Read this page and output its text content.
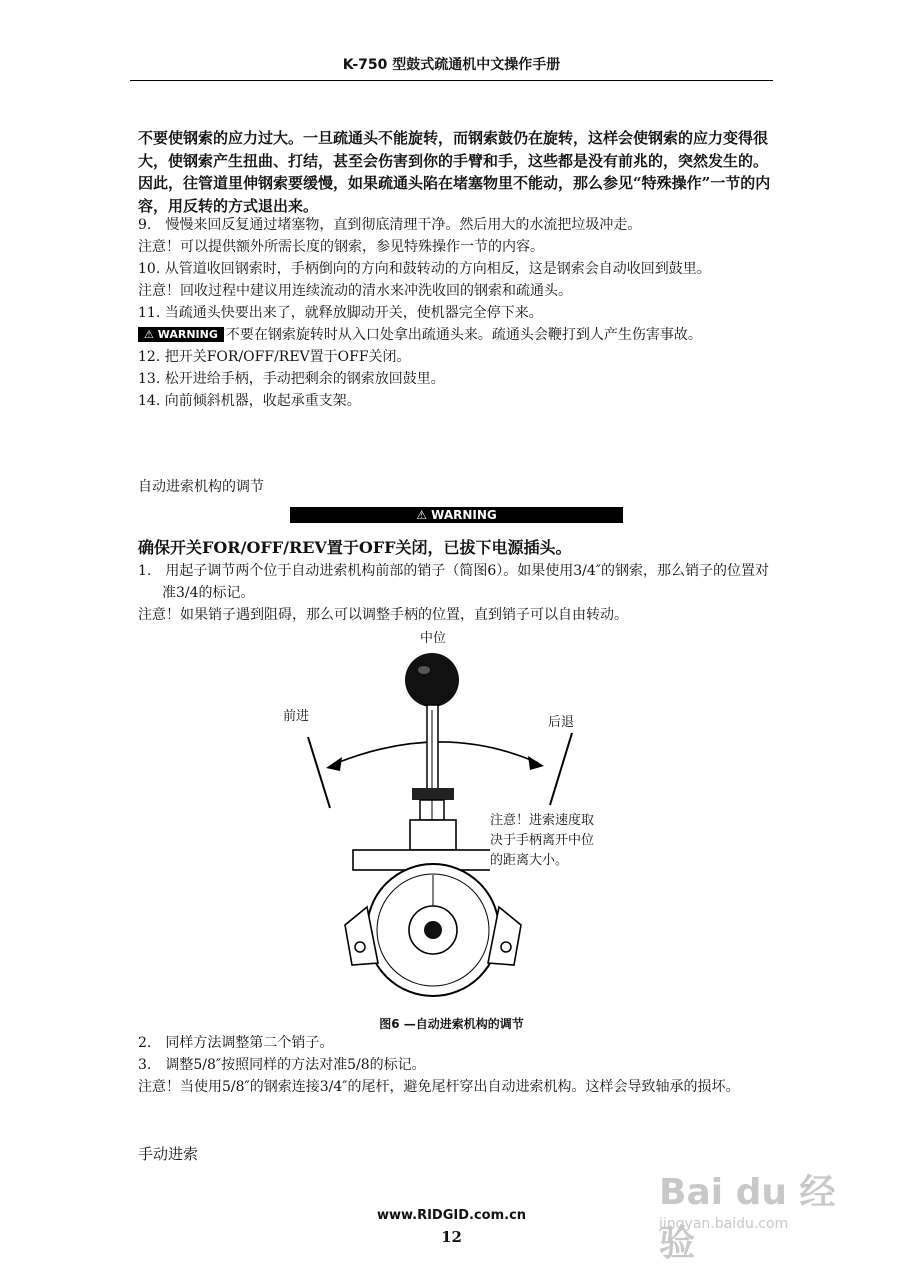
K-750 型鼓式疏通机中文操作手册
不要使钢索的应力过大。一旦疏通头不能旋转，而钢索鼓仍在旋转，这样会使钢索的应力变得很大，使钢索产生扭曲、打结，甚至会伤害到你的手臂和手，这些都是没有前兆的，突然发生的。因此，往管道里伸钢索要缓慢，如果疏通头陷在堵塞物里不能动，那么参见“特殊操作”一节的内容，用反转的方式退出来。
9.　慢慢来回反复通过堵塞物，直到彻底清理干净。然后用大的水流把垃圾冲走。
注意！可以提供额外所需长度的钢索，参见特殊操作一节的内容。
10. 从管道收回钢索时，手柄倒向的方向和鼓转动的方向相反，这是钢索会自动收回到鼓里。
注意！回收过程中建议用连续流动的清水来冲洗收回的钢索和疏通头。
11. 当疏通头快要出来了，就释放脚动开关，使机器完全停下来。
⚠ WARNING 不要在钢索旋转时从入口处拿出疏通头来。疏通头会鞭打到人产生伤害事故。
12. 把开关FOR/OFF/REV置于OFF关闭。
13. 松开进给手柄，手动把剩余的钢索放回鼓里。
14. 向前倾斜机器，收起承重支架。
自动进索机构的调节
⚠ WARNING
确保开关FOR/OFF/REV置于OFF关闭，已拔下电源插头。
1.　用起子调节两个位于自动进索机构前部的销子（简图6）。如果使用3/4″的钢索，那么销子的位置对准3/4的标记。
注意！如果销子遇到阻碍，那么可以调整手柄的位置，直到销子可以自由转动。
中位
前进	后退
注意！进索速度取
决于手柄离开中位
的距离大小。
图6 —自动进索机构的调节
2.　同样方法调整第二个销子。
3.　调整5/8″按照同样的方法对准5/8的标记。
注意！当使用5/8″的钢索连接3/4″的尾杆，避免尾杆穿出自动进索机构。这样会导致轴承的损坏。
手动进索
Bai du 经验
jingyan.baidu.com
www.RIDGID.com.cn
12
